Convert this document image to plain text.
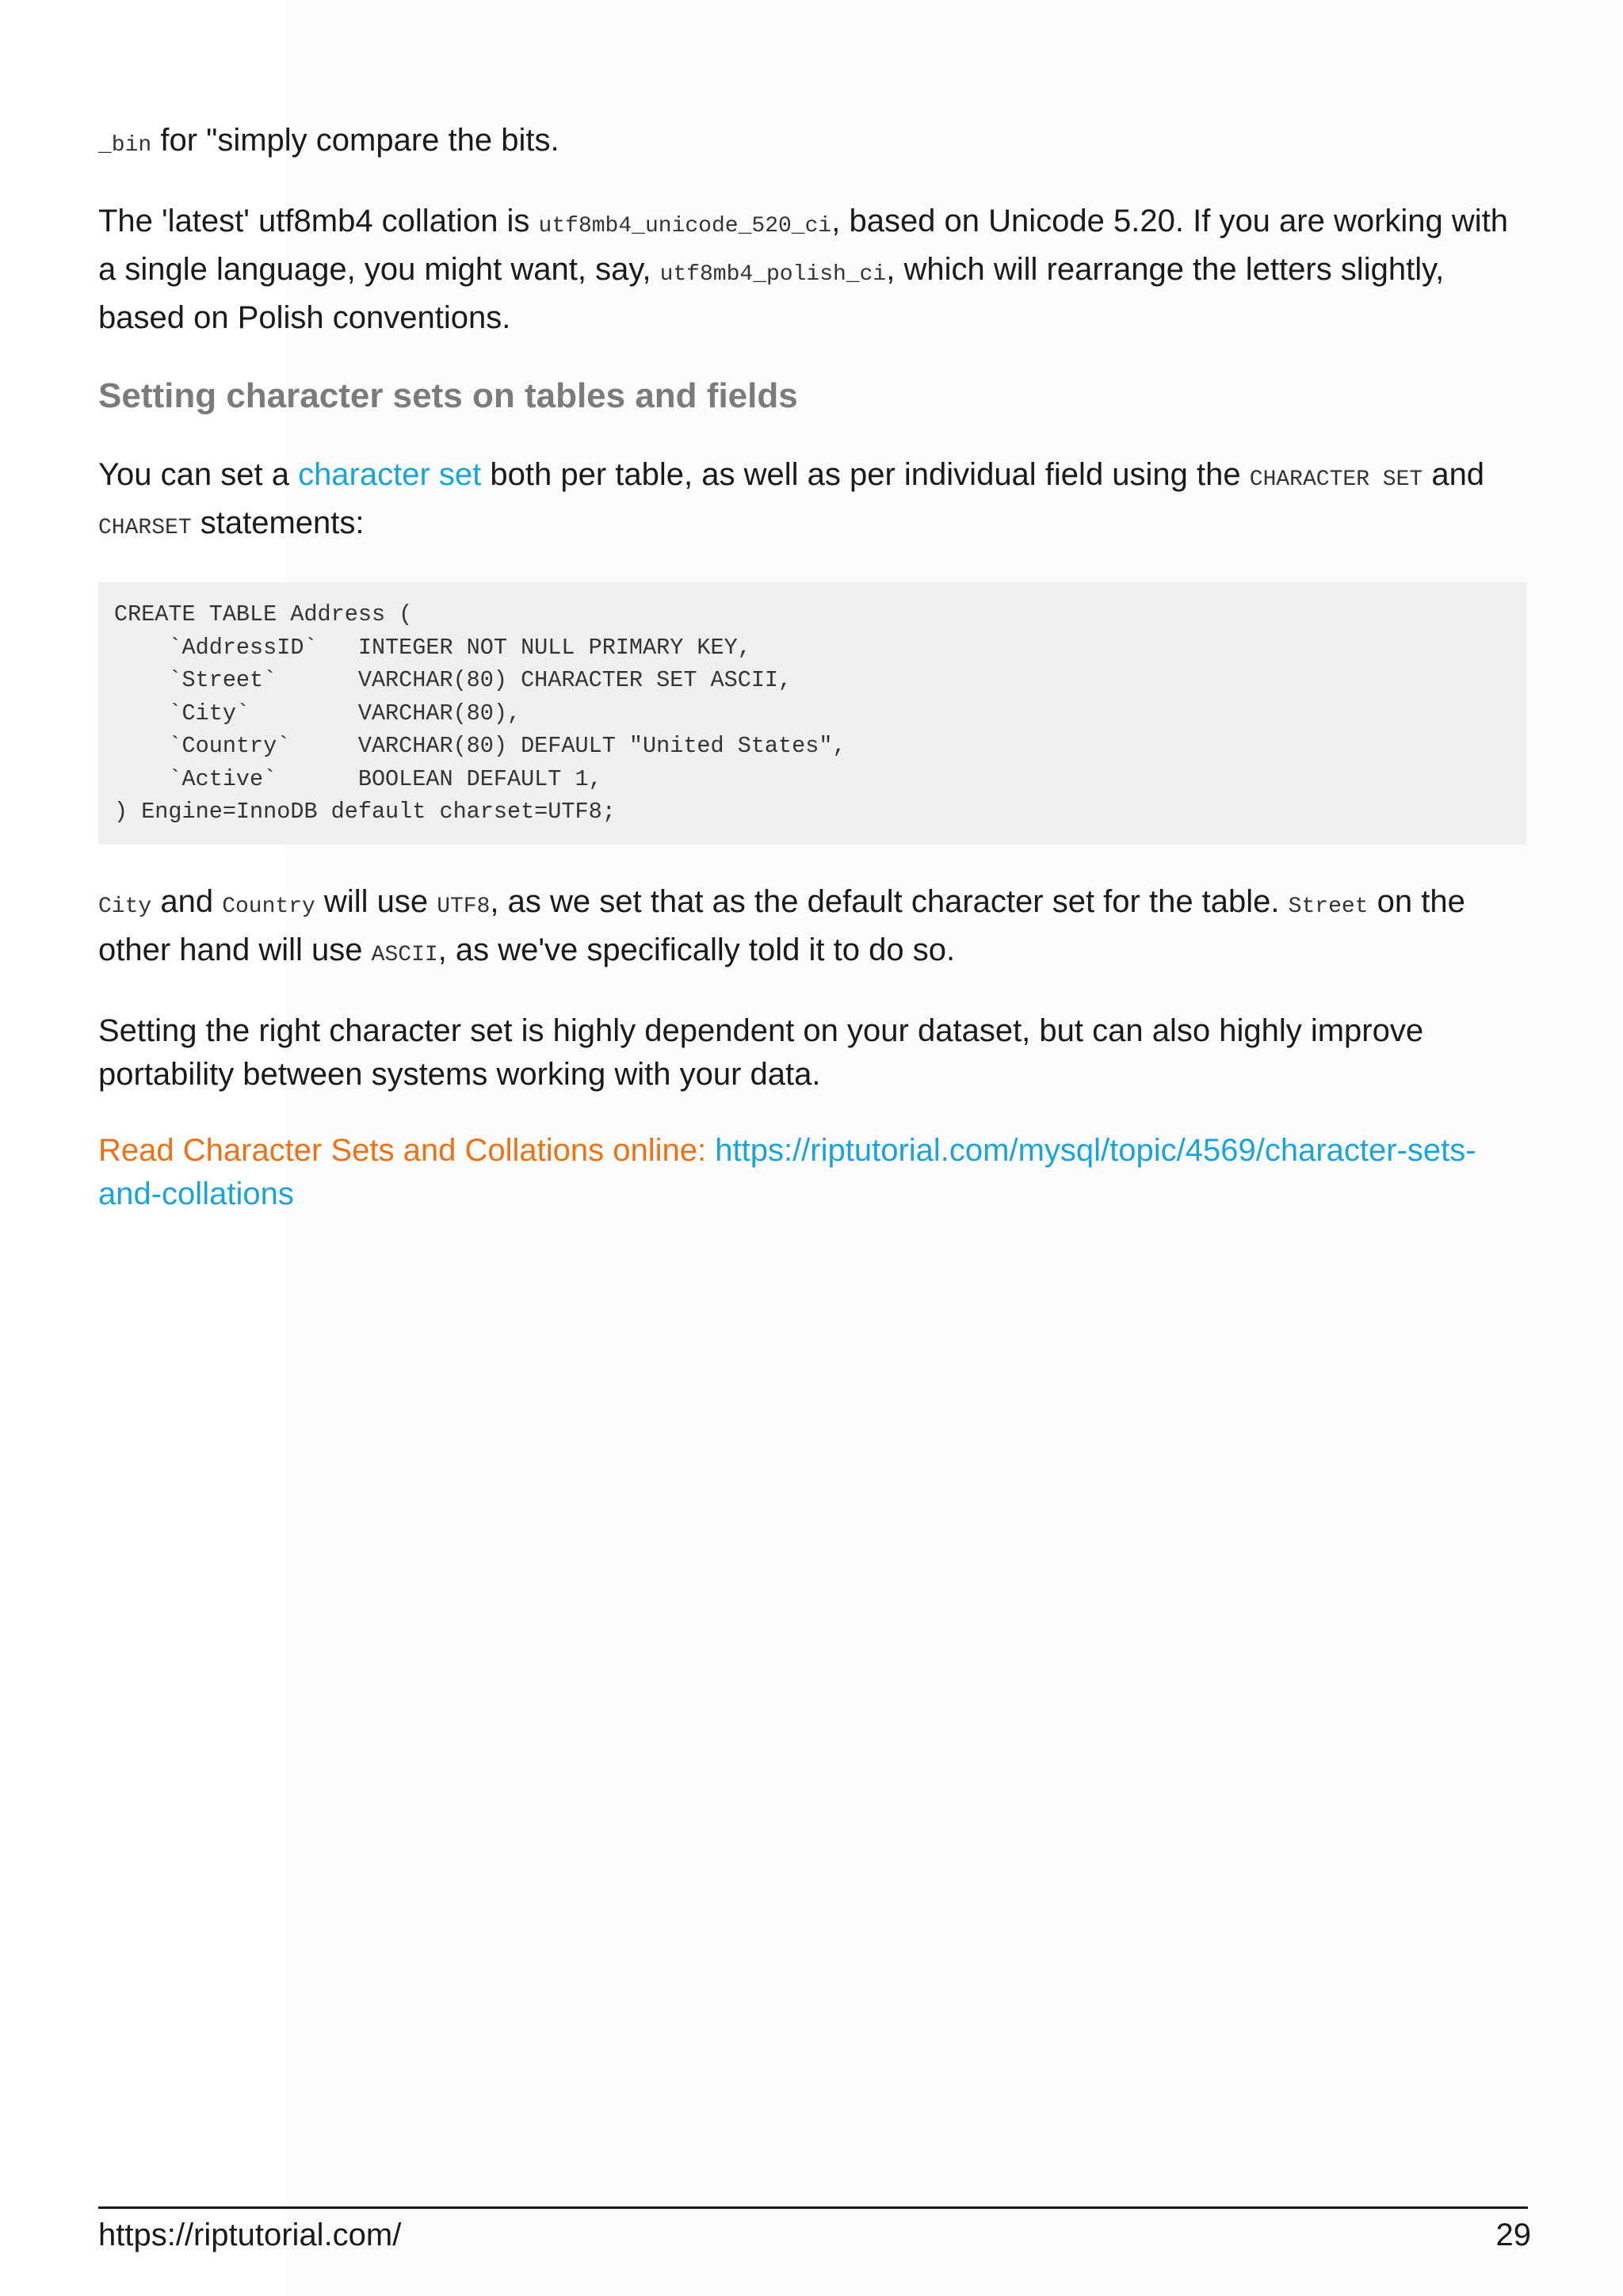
_bin for "simply compare the bits.

The 'latest' utf8mb4 collation is utf8mb4_unicode_520_ci, based on Unicode 5.20. If you are working with a single language, you might want, say, utf8mb4_polish_ci, which will rearrange the letters slightly, based on Polish conventions.

Setting character sets on tables and fields

You can set a character set both per table, as well as per individual field using the CHARACTER SET and CHARSET statements:

CREATE TABLE Address (
`AddressID`   INTEGER NOT NULL PRIMARY KEY,
`Street`      VARCHAR(80) CHARACTER SET ASCII,
`City`        VARCHAR(80),
`Country`     VARCHAR(80) DEFAULT "United States",
`Active`      BOOLEAN DEFAULT 1,
) Engine=InnoDB default charset=UTF8;

City and Country will use UTF8, as we set that as the default character set for the table. Street on the other hand will use ASCII, as we've specifically told it to do so.

Setting the right character set is highly dependent on your dataset, but can also highly improve portability between systems working with your data.

Read Character Sets and Collations online: https://riptutorial.com/mysql/topic/4569/character-sets-and-collations

https://riptutorial.com/	29
